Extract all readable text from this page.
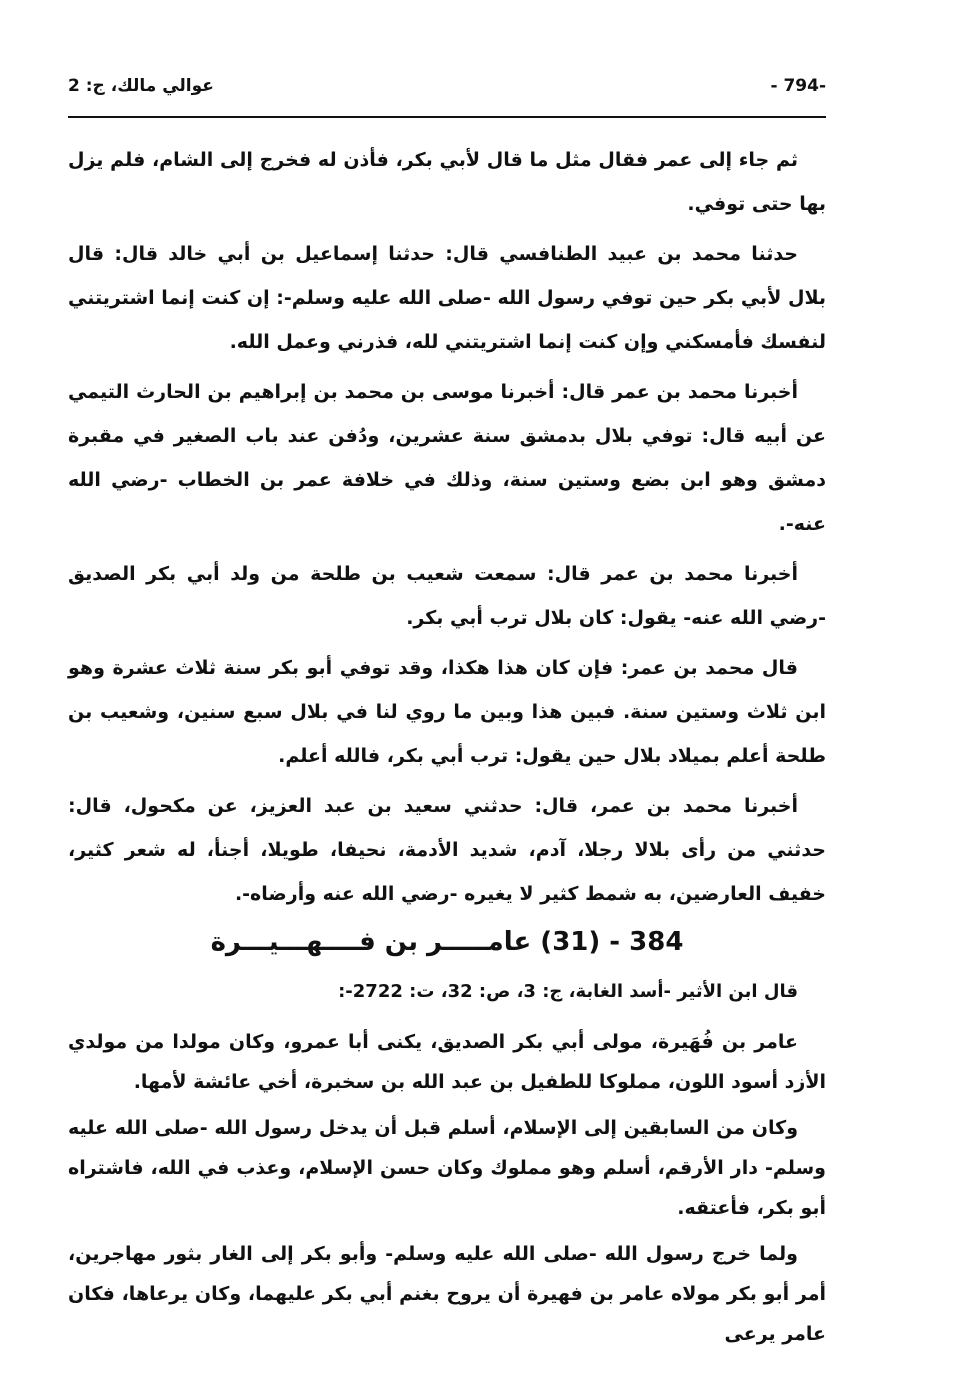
- 794-
عوالي مالك، ج: 2

ثم جاء إلى عمر فقال مثل ما قال لأبي بكر، فأذن له فخرج إلى الشام، فلم يزل بها حتى توفي.

حدثنا محمد بن عبيد الطنافسي قال: حدثنا إسماعيل بن أبي خالد قال: قال بلال لأبي بكر حين توفي رسول الله -صلى الله عليه وسلم-: إن كنت إنما اشتريتني لنفسك فأمسكني وإن كنت إنما اشتريتني لله، فذرني وعمل الله.

أخبرنا محمد بن عمر قال: أخبرنا موسى بن محمد بن إبراهيم بن الحارث التيمي عن أبيه قال: توفي بلال بدمشق سنة عشرين، ودُفن عند باب الصغير في مقبرة دمشق وهو ابن بضع وستين سنة، وذلك في خلافة عمر بن الخطاب -رضي الله عنه-.

أخبرنا محمد بن عمر قال: سمعت شعيب بن طلحة من ولد أبي بكر الصديق -رضي الله عنه- يقول: كان بلال ترب أبي بكر.

قال محمد بن عمر: فإن كان هذا هكذا، وقد توفي أبو بكر سنة ثلاث عشرة وهو ابن ثلاث وستين سنة. فبين هذا وبين ما روي لنا في بلال سبع سنين، وشعيب بن طلحة أعلم بميلاد بلال حين يقول: ترب أبي بكر، فالله أعلم.

أخبرنا محمد بن عمر، قال: حدثني سعيد بن عبد العزيز، عن مكحول، قال: حدثني من رأى بلالا رجلا، آدم، شديد الأدمة، نحيفا، طويلا، أجنأ، له شعر كثير، خفيف العارضين، به شمط كثير لا يغيره -رضي الله عنه وأرضاه-.

384 - (31) عامـــــر بن فــــهـــيـــرة

قال ابن الأثير -أسد الغابة، ج: 3، ص: 32، ت: 2722-:

عامر بن فُهَيرة، مولى أبي بكر الصديق، يكنى أبا عمرو، وكان مولدا من مولدي الأزد أسود اللون، مملوكا للطفيل بن عبد الله بن سخبرة، أخي عائشة لأمها.

وكان من السابقين إلى الإسلام، أسلم قبل أن يدخل رسول الله -صلى الله عليه وسلم- دار الأرقم، أسلم وهو مملوك وكان حسن الإسلام، وعذب في الله، فاشتراه أبو بكر، فأعتقه.

ولما خرج رسول الله -صلى الله عليه وسلم- وأبو بكر إلى الغار بثور مهاجرين، أمر أبو بكر مولاه عامر بن فهيرة أن يروح بغنم أبي بكر عليهما، وكان يرعاها، فكان عامر يرعى
